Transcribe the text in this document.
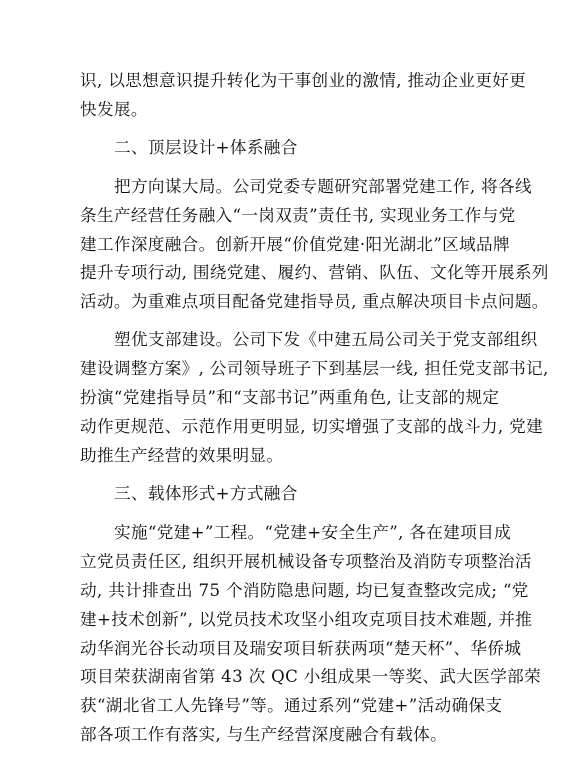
识, 以思想意识提升转化为干事创业的激情, 推动企业更好更
快发展。
二、顶层设计+体系融合
把方向谋大局。公司党委专题研究部署党建工作, 将各线
条生产经营任务融入“一岗双责”责任书, 实现业务工作与党
建工作深度融合。创新开展“价值党建·阳光湖北”区域品牌
提升专项行动, 围绕党建、履约、营销、队伍、文化等开展系列
活动。为重难点项目配备党建指导员, 重点解决项目卡点问题。
塑优支部建设。公司下发《中建五局公司关于党支部组织
建设调整方案》, 公司领导班子下到基层一线, 担任党支部书记,
扮演“党建指导员”和“支部书记”两重角色, 让支部的规定
动作更规范、示范作用更明显, 切实增强了支部的战斗力, 党建
助推生产经营的效果明显。
三、载体形式+方式融合
实施“党建+”工程。“党建+安全生产”, 各在建项目成
立党员责任区, 组织开展机械设备专项整治及消防专项整治活
动, 共计排查出 75 个消防隐患问题, 均已复查整改完成; “党
建+技术创新”, 以党员技术攻坚小组攻克项目技术难题, 并推
动华润光谷长动项目及瑞安项目斩获两项“楚天杯”、华侨城
项目荣获湖南省第 43 次 QC 小组成果一等奖、武大医学部荣
获“湖北省工人先锋号”等。通过系列“党建+”活动确保支
部各项工作有落实, 与生产经营深度融合有载体。
